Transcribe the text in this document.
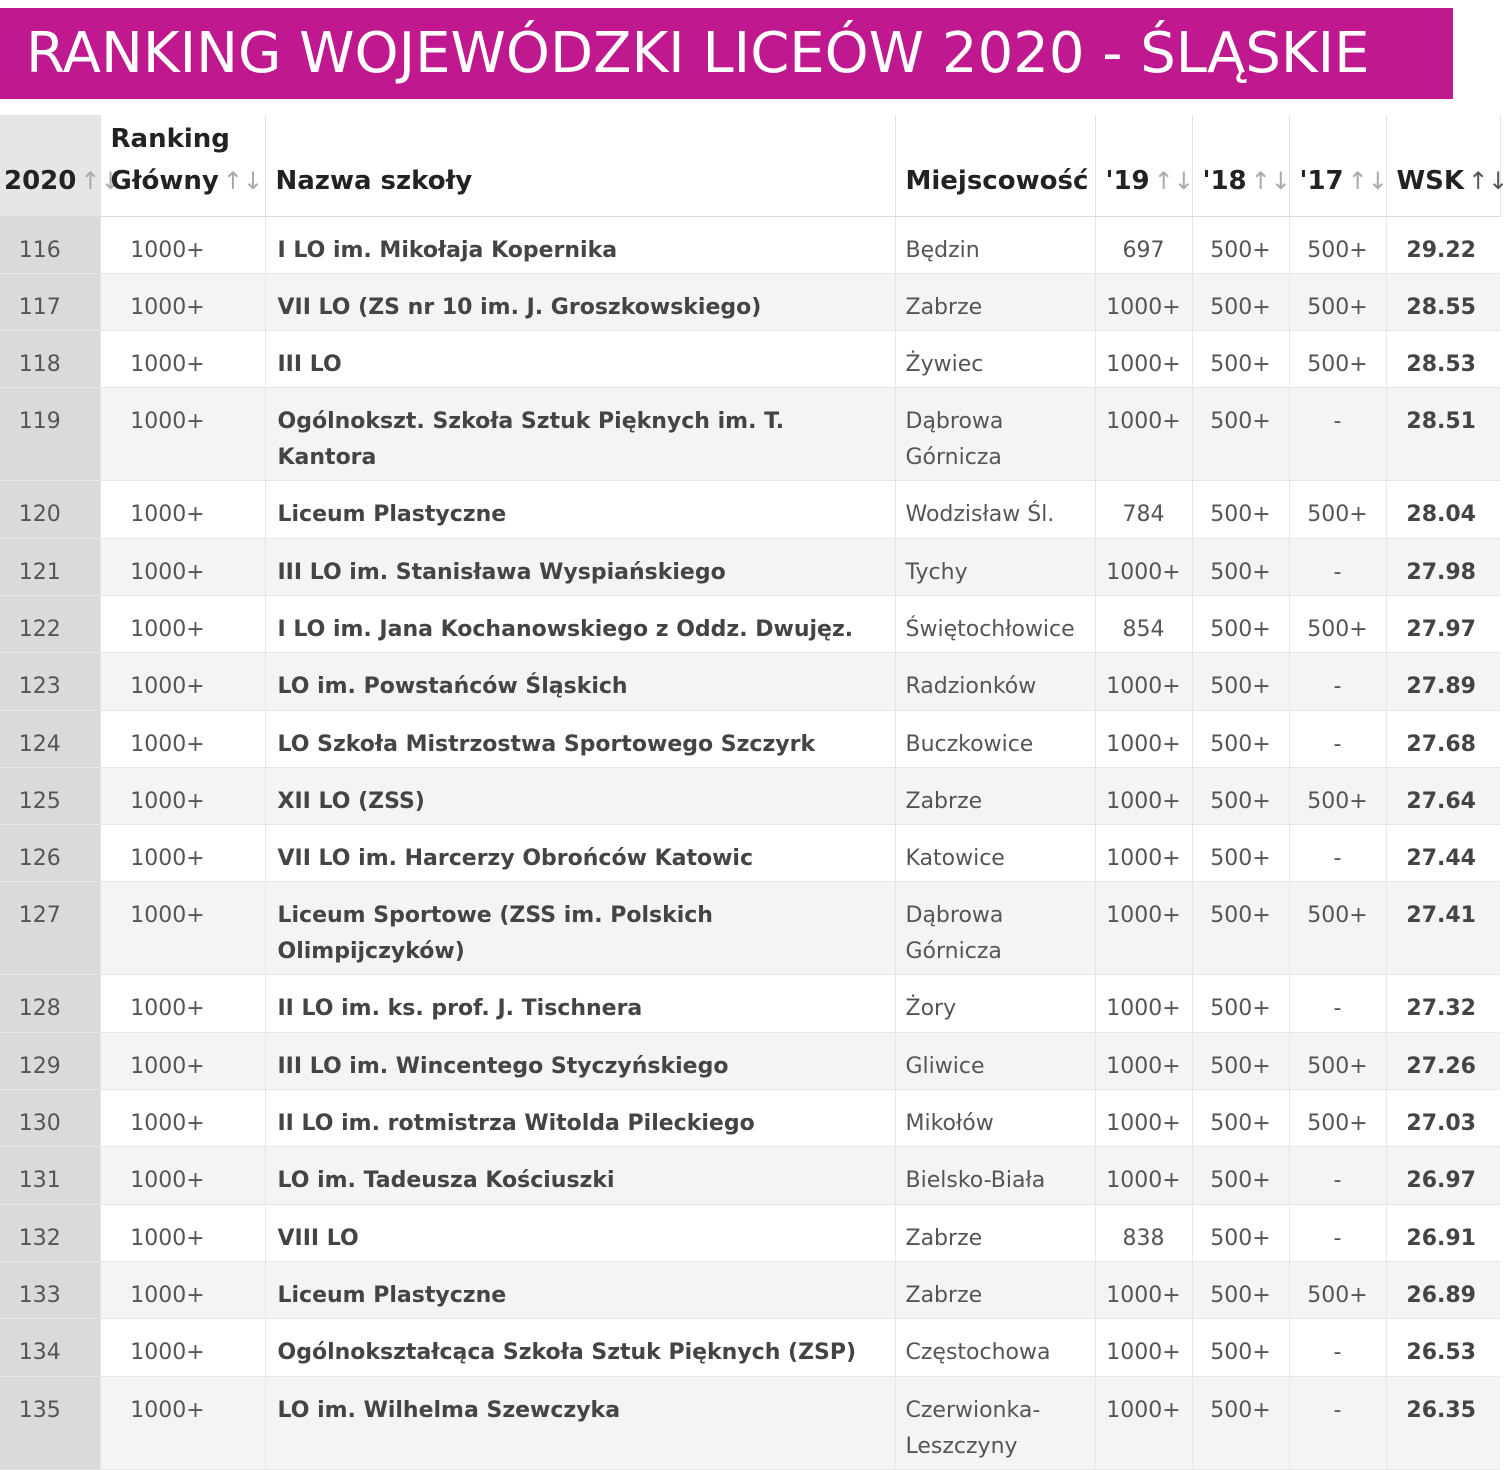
RANKING WOJEWÓDZKI LICEÓW 2020 - ŚLĄSKIE
2020 ↑↓	Ranking
Główny ↑↓	Nazwa szkoły	Miejscowość	'19 ↑↓	'18 ↑↓	'17 ↑↓	WSK ↑↓
116	1000+	I LO im. Mikołaja Kopernika	Będzin	697	500+	500+	29.22
117	1000+	VII LO (ZS nr 10 im. J. Groszkowskiego)	Zabrze	1000+	500+	500+	28.55
118	1000+	III LO	Żywiec	1000+	500+	500+	28.53
119	1000+	Ogólnokszt. Szkoła Sztuk Pięknych im. T. Kantora	Dąbrowa Górnicza	1000+	500+	-	28.51
120	1000+	Liceum Plastyczne	Wodzisław Śl.	784	500+	500+	28.04
121	1000+	III LO im. Stanisława Wyspiańskiego	Tychy	1000+	500+	-	27.98
122	1000+	I LO im. Jana Kochanowskiego z Oddz. Dwujęz.	Świętochłowice	854	500+	500+	27.97
123	1000+	LO im. Powstańców Śląskich	Radzionków	1000+	500+	-	27.89
124	1000+	LO Szkoła Mistrzostwa Sportowego Szczyrk	Buczkowice	1000+	500+	-	27.68
125	1000+	XII LO (ZSS)	Zabrze	1000+	500+	500+	27.64
126	1000+	VII LO im. Harcerzy Obrońców Katowic	Katowice	1000+	500+	-	27.44
127	1000+	Liceum Sportowe (ZSS im. Polskich Olimpijczyków)	Dąbrowa Górnicza	1000+	500+	500+	27.41
128	1000+	II LO im. ks. prof. J. Tischnera	Żory	1000+	500+	-	27.32
129	1000+	III LO im. Wincentego Styczyńskiego	Gliwice	1000+	500+	500+	27.26
130	1000+	II LO im. rotmistrza Witolda Pileckiego	Mikołów	1000+	500+	500+	27.03
131	1000+	LO im. Tadeusza Kościuszki	Bielsko-Biała	1000+	500+	-	26.97
132	1000+	VIII LO	Zabrze	838	500+	-	26.91
133	1000+	Liceum Plastyczne	Zabrze	1000+	500+	500+	26.89
134	1000+	Ogólnokształcąca Szkoła Sztuk Pięknych (ZSP)	Częstochowa	1000+	500+	-	26.53
135	1000+	LO im. Wilhelma Szewczyka	Czerwionka-Leszczyny	1000+	500+	-	26.35
